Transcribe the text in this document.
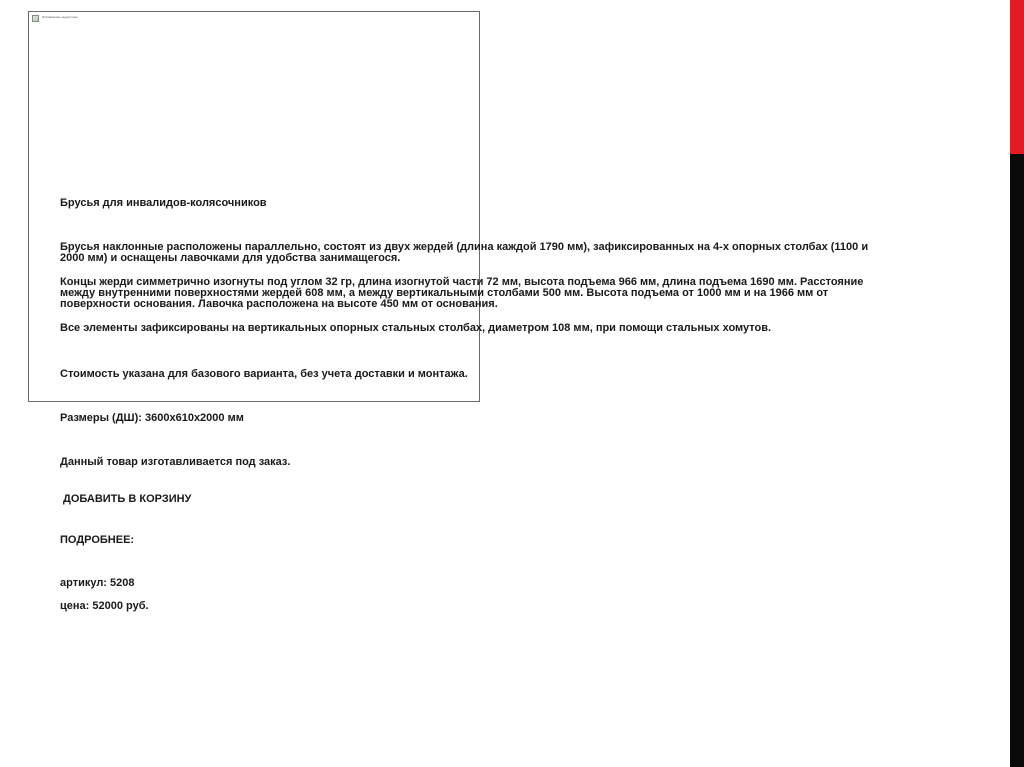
Изображение недоступно

Брусья для инвалидов-колясочников

Брусья наклонные расположены параллельно, состоят из двух жердей (длина каждой 1790 мм), зафиксированных на 4-х опорных столбах (1100 и 2000 мм) и оснащены лавочками для удобства занимащегося.

Концы жерди симметрично изогнуты под углом 32 гр, длина изогнутой части 72 мм, высота подъема 966 мм, длина подъема 1690 мм. Расстояние между внутренними поверхностями жердей 608 мм, а между вертикальными столбами 500 мм. Высота подъема от 1000 мм и на 1966 мм от поверхности основания. Лавочка расположена на высоте 450 мм от основания.

Все элементы зафиксированы на вертикальных опорных стальных столбах, диаметром 108 мм, при помощи стальных хомутов.

Стоимость указана для базового варианта, без учета доставки и монтажа.

Размеры (ДШ): 3600x610x2000 мм

Данный товар изготавливается под заказ.

ДОБАВИТЬ В КОРЗИНУ
ПОДРОБНЕЕ:

артикул: 5208

цена: 52000 руб.
